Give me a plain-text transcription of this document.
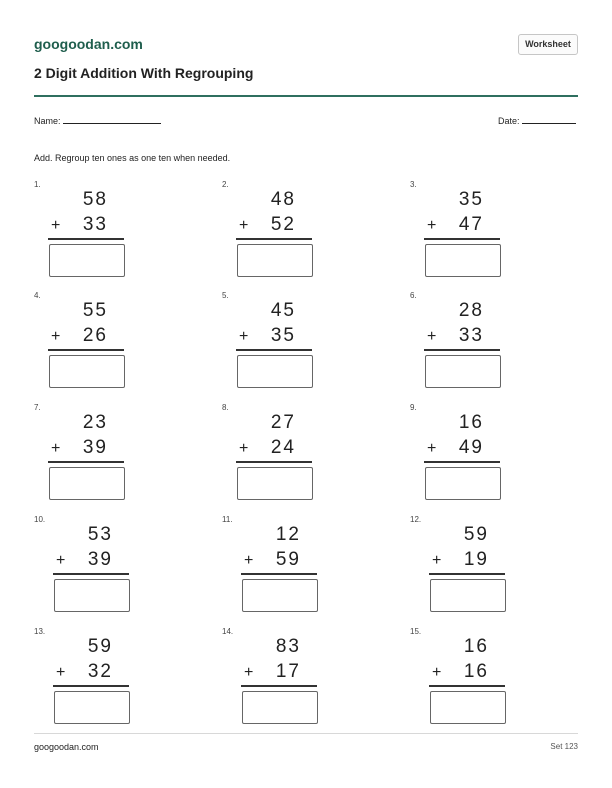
googoodan.com	Worksheet
2 Digit Addition With Regrouping
Name:	Date:
Add. Regroup ten ones as one ten when needed.
1.
58
+ 33
2.
48
+ 52
3.
35
+ 47
4.
55
+ 26
5.
45
+ 35
6.
28
+ 33
7.
23
+ 39
8.
27
+ 24
9.
16
+ 49
10.
53
+ 39
11.
12
+ 59
12.
59
+ 19
13.
59
+ 32
14.
83
+ 17
15.
16
+ 16
googoodan.com	Set 123
